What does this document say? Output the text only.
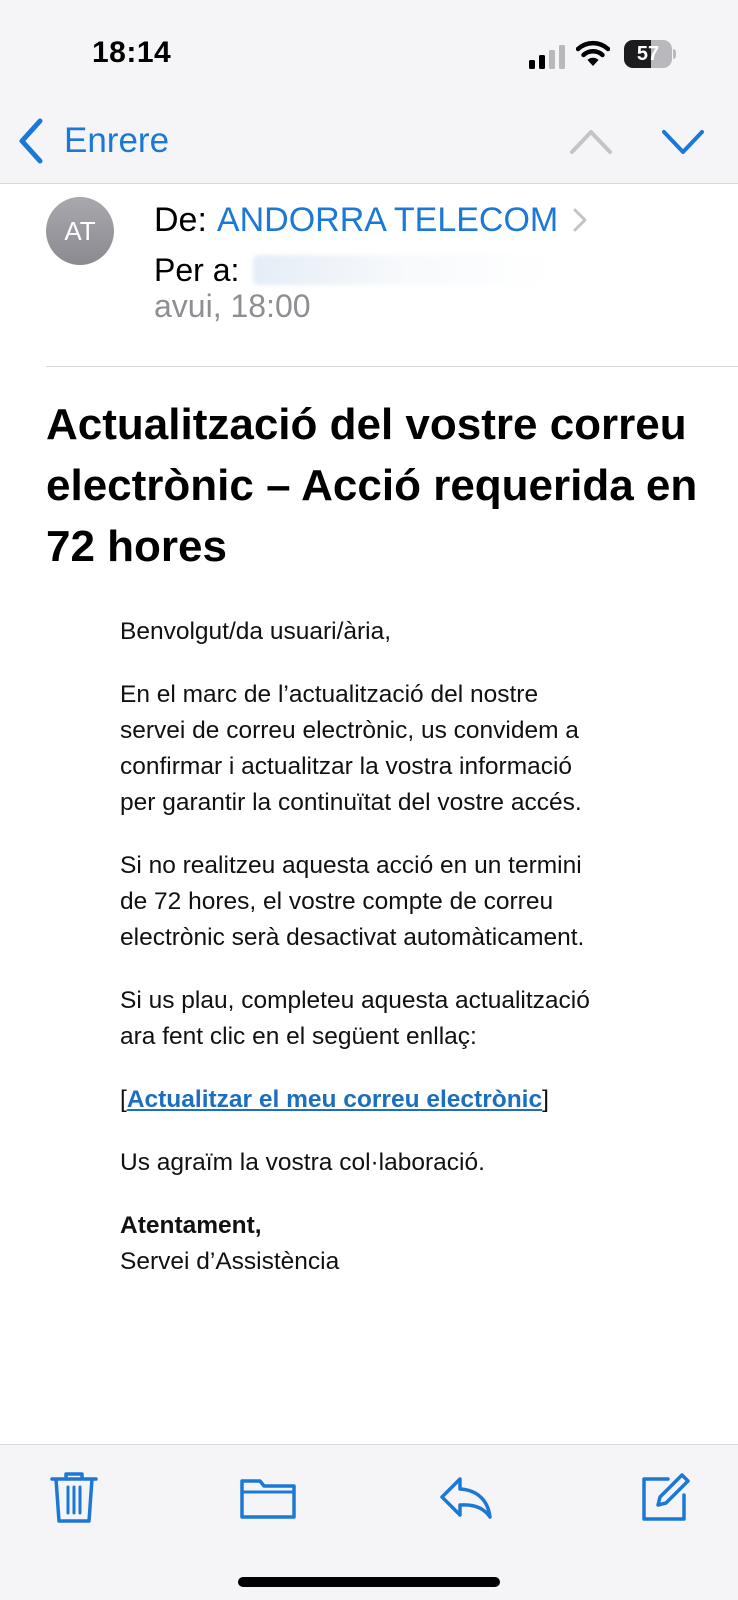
18:14	57
Enrere
AT	De: ANDORRA TELECOM
Per a:
avui, 18:00
Actualització del vostre correu electrònic – Acció requerida en 72 hores

Benvolgut/da usuari/ària,

En el marc de l’actualització del nostre servei de correu electrònic, us convidem a confirmar i actualitzar la vostra informació per garantir la continuïtat del vostre accés.

Si no realitzeu aquesta acció en un termini de 72 hores, el vostre compte de correu electrònic serà desactivat automàticament.

Si us plau, completeu aquesta actualització ara fent clic en el següent enllaç:

[Actualitzar el meu correu electrònic]

Us agraïm la vostra col·laboració.

Atentament,
Servei d’Assistència
